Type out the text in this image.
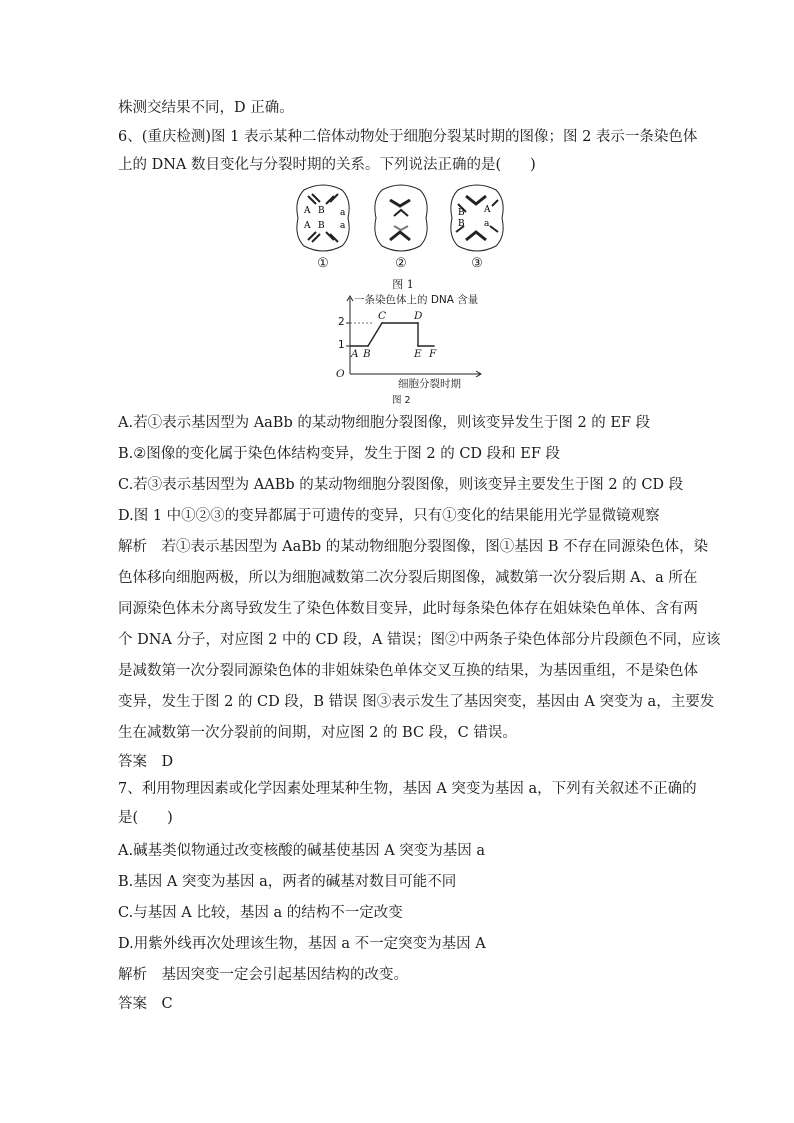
株测交结果不同，D 正确。
6、(重庆检测)图 1 表示某种二倍体动物处于细胞分裂某时期的图像；图 2 表示一条染色体
上的 DNA 数目变化与分裂时期的关系。下列说法正确的是(　　)
A B a
A B a
B A
B a
①	②	③
图 1
一条染色体上的 DNA 含量
O
1
2
A B
C	D
E F
细胞分裂时期
图 2
A.若①表示基因型为 AaBb 的某动物细胞分裂图像，则该变异发生于图 2 的 EF 段
B.②图像的变化属于染色体结构变异，发生于图 2 的 CD 段和 EF 段
C.若③表示基因型为 AABb 的某动物细胞分裂图像，则该变异主要发生于图 2 的 CD 段
D.图 1 中①②③的变异都属于可遗传的变异，只有①变化的结果能用光学显微镜观察
解析　若①表示基因型为 AaBb 的某动物细胞分裂图像，图①基因 B 不存在同源染色体，染
色体移向细胞两极，所以为细胞减数第二次分裂后期图像，减数第一次分裂后期 A、a 所在
同源染色体未分离导致发生了染色体数目变异，此时每条染色体存在姐妹染色单体、含有两
个 DNA 分子，对应图 2 中的 CD 段，A 错误；图②中两条子染色体部分片段颜色不同，应该
是减数第一次分裂同源染色体的非姐妹染色单体交叉互换的结果，为基因重组，不是染色体
变异，发生于图 2 的 CD 段，B 错误 图③表示发生了基因突变，基因由 A 突变为 a，主要发
生在减数第一次分裂前的间期，对应图 2 的 BC 段，C 错误。
答案　D
7、利用物理因素或化学因素处理某种生物，基因 A 突变为基因 a，下列有关叙述不正确的
是(　　)
A.碱基类似物通过改变核酸的碱基使基因 A 突变为基因 a
B.基因 A 突变为基因 a，两者的碱基对数目可能不同
C.与基因 A 比较，基因 a 的结构不一定改变
D.用紫外线再次处理该生物，基因 a 不一定突变为基因 A
解析　基因突变一定会引起基因结构的改变。
答案　C
